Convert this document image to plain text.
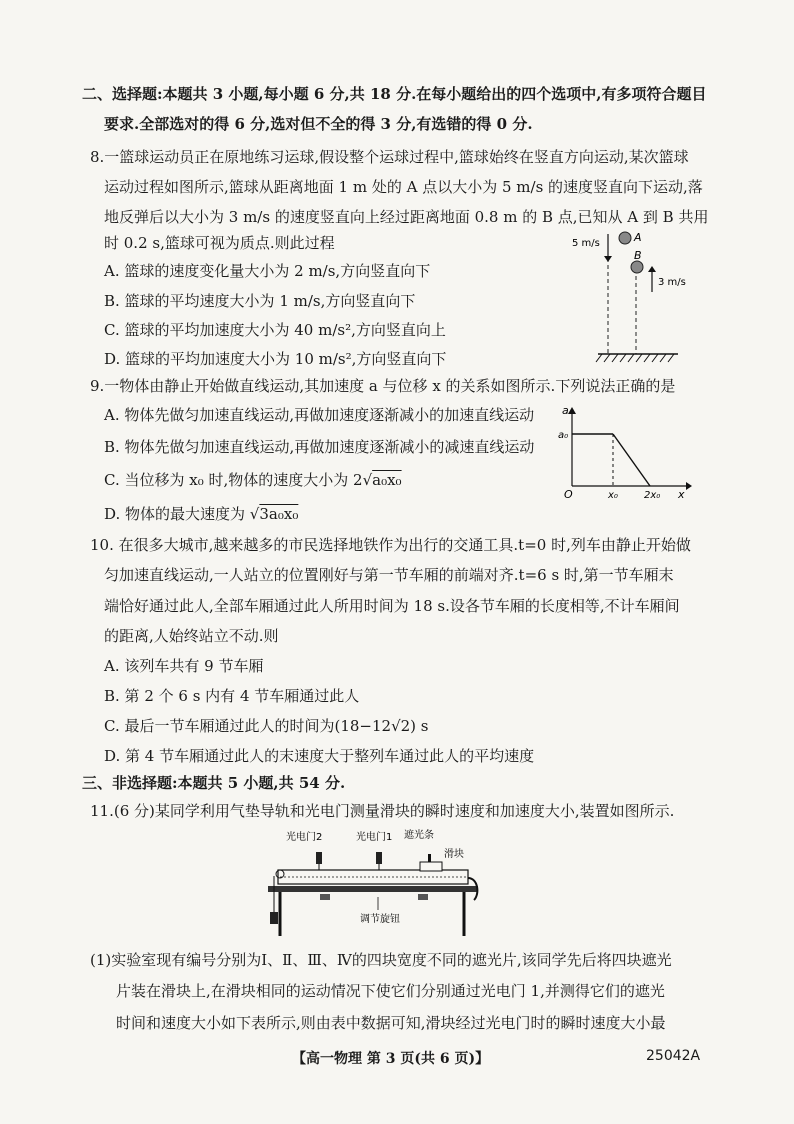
二、选择题:本题共 3 小题,每小题 6 分,共 18 分.在每小题给出的四个选项中,有多项符合题目
要求.全部选对的得 6 分,选对但不全的得 3 分,有选错的得 0 分.
8.一篮球运动员正在原地练习运球,假设整个运球过程中,篮球始终在竖直方向运动,某次篮球
运动过程如图所示,篮球从距离地面 1 m 处的 A 点以大小为 5 m/s 的速度竖直向下运动,落
地反弹后以大小为 3 m/s 的速度竖直向上经过距离地面 0.8 m 的 B 点,已知从 A 到 B 共用
时 0.2 s,篮球可视为质点.则此过程
A. 篮球的速度变化量大小为 2 m/s,方向竖直向下
B. 篮球的平均速度大小为 1 m/s,方向竖直向下
C. 篮球的平均加速度大小为 40 m/s²,方向竖直向上
D. 篮球的平均加速度大小为 10 m/s²,方向竖直向下
5 m/s	A
B
3 m/s
9.一物体由静止开始做直线运动,其加速度 a 与位移 x 的关系如图所示.下列说法正确的是
A. 物体先做匀加速直线运动,再做加速度逐渐减小的加速直线运动
B. 物体先做匀加速直线运动,再做加速度逐渐减小的减速直线运动
C. 当位移为 x₀ 时,物体的速度大小为 2√a₀x₀
D. 物体的最大速度为 √3a₀x₀
a
a₀
O	x₀	2x₀ x
10. 在很多大城市,越来越多的市民选择地铁作为出行的交通工具.t=0 时,列车由静止开始做
匀加速直线运动,一人站立的位置刚好与第一节车厢的前端对齐.t=6 s 时,第一节车厢末
端恰好通过此人,全部车厢通过此人所用时间为 18 s.设各节车厢的长度相等,不计车厢间
的距离,人始终站立不动.则
A. 该列车共有 9 节车厢
B. 第 2 个 6 s 内有 4 节车厢通过此人
C. 最后一节车厢通过此人的时间为(18−12√2) s
D. 第 4 节车厢通过此人的末速度大于整列车通过此人的平均速度
三、非选择题:本题共 5 小题,共 54 分.
11.(6 分)某同学利用气垫导轨和光电门测量滑块的瞬时速度和加速度大小,装置如图所示.
光电门2	光电门1 遮光条
滑块
调节旋钮
(1)实验室现有编号分别为Ⅰ、Ⅱ、Ⅲ、Ⅳ的四块宽度不同的遮光片,该同学先后将四块遮光
片装在滑块上,在滑块相同的运动情况下使它们分别通过光电门 1,并测得它们的遮光
时间和速度大小如下表所示,则由表中数据可知,滑块经过光电门时的瞬时速度大小最
【高一物理 第 3 页(共 6 页)】	25042A
